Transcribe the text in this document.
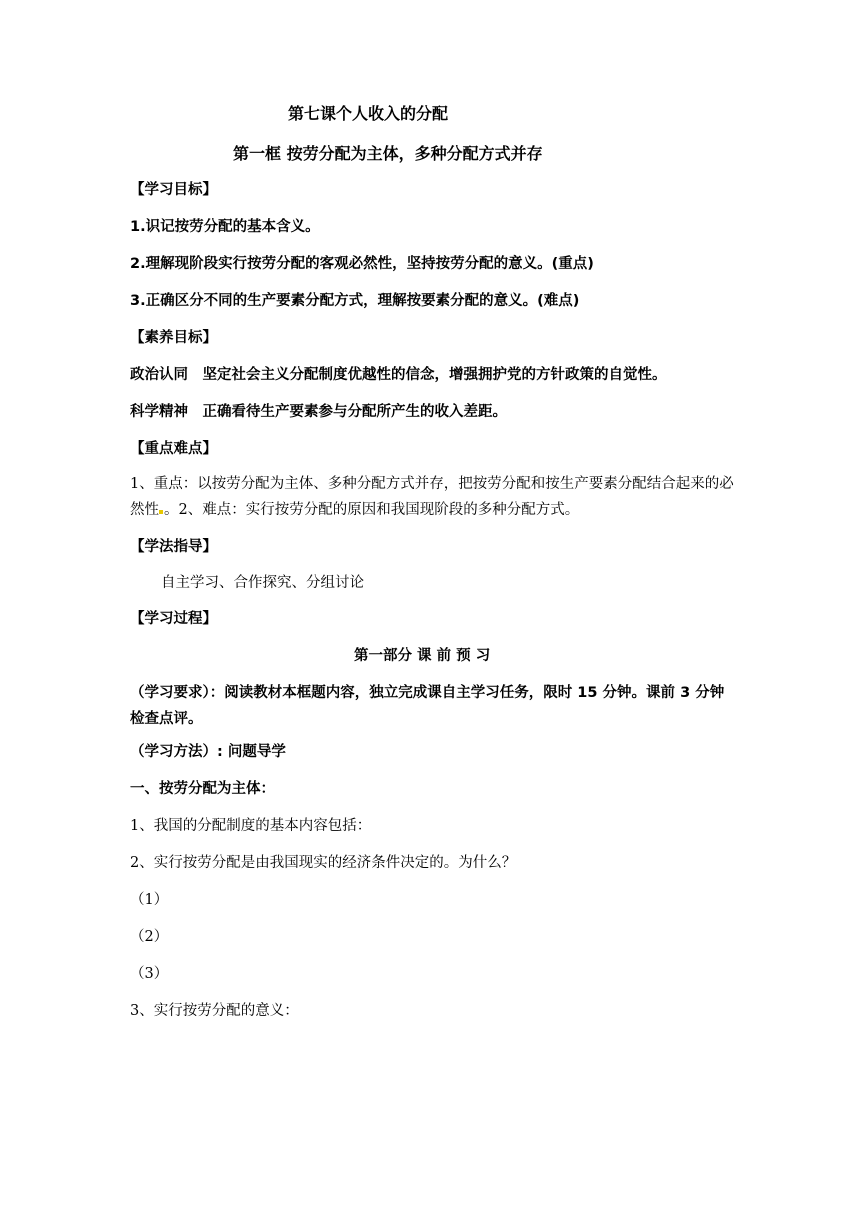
第七课个人收入的分配
第一框 按劳分配为主体，多种分配方式并存
【学习目标】
1.识记按劳分配的基本含义。
2.理解现阶段实行按劳分配的客观必然性，坚持按劳分配的意义。(重点)
3.正确区分不同的生产要素分配方式，理解按要素分配的意义。(难点)
【素养目标】
政治认同　坚定社会主义分配制度优越性的信念，增强拥护党的方针政策的自觉性。
科学精神　正确看待生产要素参与分配所产生的收入差距。
【重点难点】
1、重点：以按劳分配为主体、多种分配方式并存，把按劳分配和按生产要素分配结合起来的必然性 。2、难点：实行按劳分配的原因和我国现阶段的多种分配方式。
【学法指导】
自主学习、合作探究、分组讨论
【学习过程】
第一部分 课 前 预 习
（学习要求）：阅读教材本框题内容，独立完成课自主学习任务，限时 15 分钟。课前 3 分钟检查点评。
（学习方法）: 问题导学
一、按劳分配为主体：
1、我国的分配制度的基本内容包括：
2、实行按劳分配是由我国现实的经济条件决定的。为什么？
（1）
（2）
（3）
3、实行按劳分配的意义：
